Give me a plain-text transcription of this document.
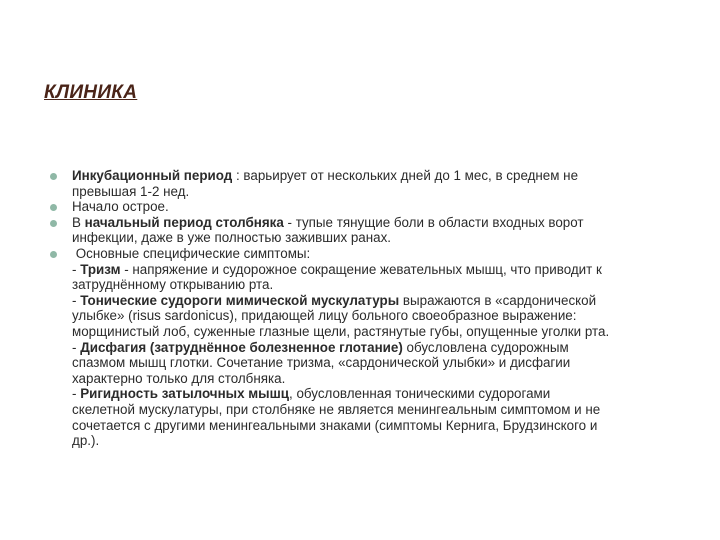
КЛИНИКА
Инкубационный период : варьирует от нескольких дней до 1 мес, в среднем не
превышая 1-2 нед.
Начало острое.
В начальный период столбняка - тупые тянущие боли в области входных ворот
инфекции, даже в уже полностью заживших ранах.
Основные специфические симптомы:
- Тризм - напряжение и судорожное сокращение жевательных мышц, что приводит к
затруднённому открыванию рта.
- Тонические судороги мимической мускулатуры выражаются в «сардонической
улыбке» (risus sardonicus), придающей лицу больного своеобразное выражение:
морщинистый лоб, суженные глазные щели, растянутые губы, опущенные уголки рта.
- Дисфагия (затруднённое болезненное глотание) обусловлена судорожным
спазмом мышц глотки. Сочетание тризма, «сардонической улыбки» и дисфагии
характерно только для столбняка.
- Ригидность затылочных мышц, обусловленная тоническими судорогами
скелетной мускулатуры, при столбняке не является менингеальным симптомом и не
сочетается с другими менингеальными знаками (симптомы Кернига, Брудзинского и
др.).
